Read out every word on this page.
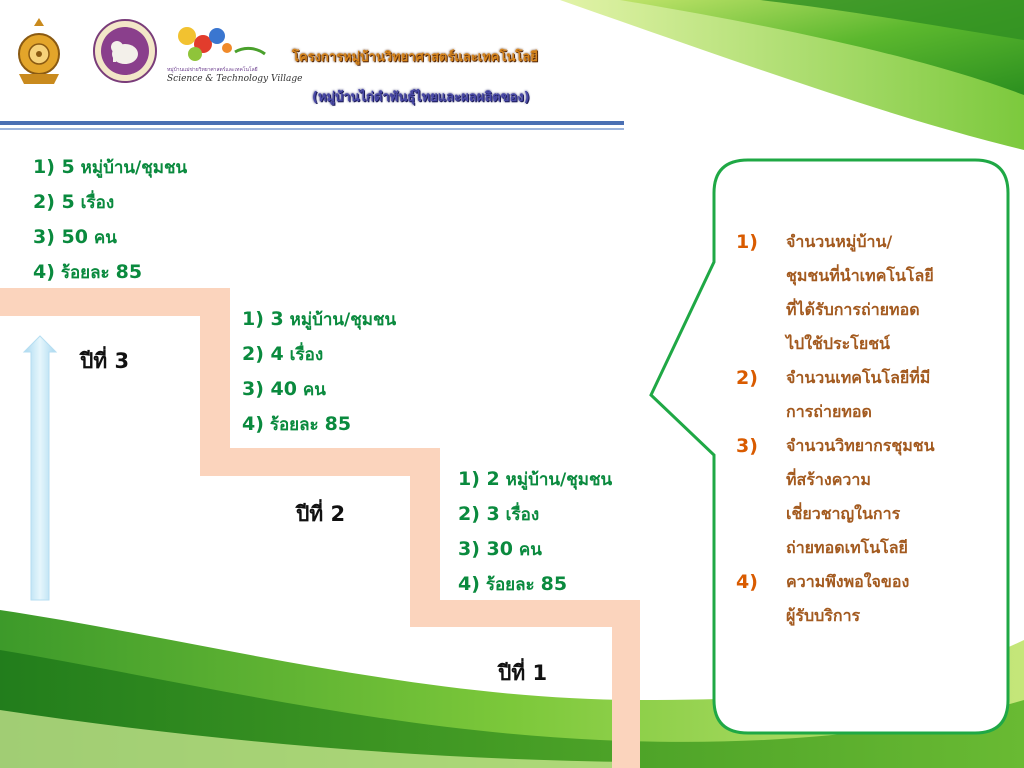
หมู่บ้านแม่ข่ายวิทยาศาสตร์และเทคโนโลยี
Science & Technology Village
โครงการหมู่บ้านวิทยาศาสตร์และเทคโนโลยี
(หมู่บ้านไก่ดำพันธุ์ไทยและผลผลิตของ)
1) 5 หมู่บ้าน/ชุมชน
2) 5 เรื่อง
3) 50 คน
4) ร้อยละ 85
ปีที่ 3
1) 3 หมู่บ้าน/ชุมชน
2) 4 เรื่อง
3) 40 คน
4) ร้อยละ 85
ปีที่ 2
1) 2 หมู่บ้าน/ชุมชน
2) 3 เรื่อง
3) 30 คน
4) ร้อยละ 85
ปีที่ 1
1)	จำนวนหมู่บ้าน/
ชุมชนที่นำเทคโนโลยี
ที่ได้รับการถ่ายทอด
ไปใช้ประโยชน์
2)	จำนวนเทคโนโลยีที่มี
การถ่ายทอด
3)	จำนวนวิทยากรชุมชน
ที่สร้างความ
เชี่ยวชาญในการ
ถ่ายทอดเทโนโลยี
4)	ความพึงพอใจของ
ผู้รับบริการ
